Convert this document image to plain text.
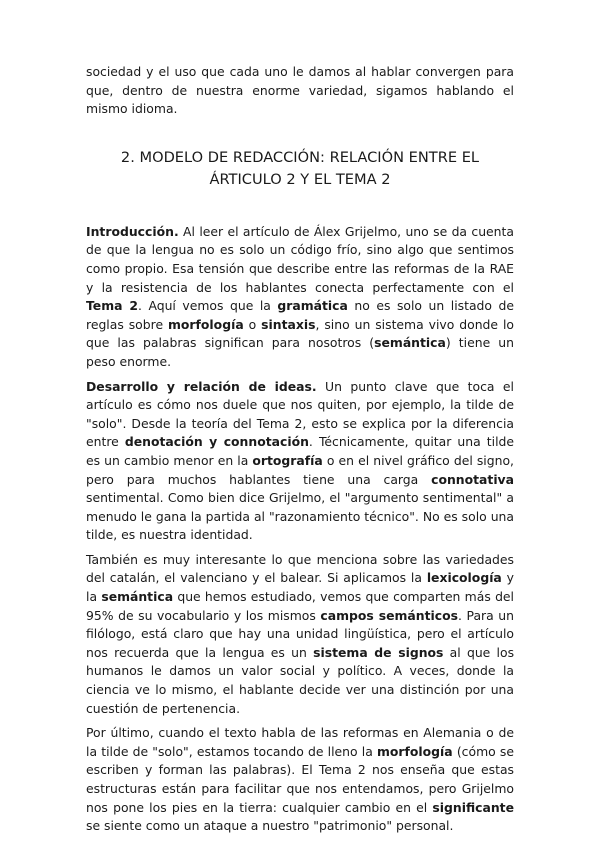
sociedad y el uso que cada uno le damos al hablar convergen para que, dentro de nuestra enorme variedad, sigamos hablando el mismo idioma.

2. MODELO DE REDACCIÓN: RELACIÓN ENTRE EL ÁRTICULO 2 Y EL TEMA 2

Introducción. Al leer el artículo de Álex Grijelmo, uno se da cuenta de que la lengua no es solo un código frío, sino algo que sentimos como propio. Esa tensión que describe entre las reformas de la RAE y la resistencia de los hablantes conecta perfectamente con el Tema 2. Aquí vemos que la gramática no es solo un listado de reglas sobre morfología o sintaxis, sino un sistema vivo donde lo que las palabras significan para nosotros (semántica) tiene un peso enorme.

Desarrollo y relación de ideas. Un punto clave que toca el artículo es cómo nos duele que nos quiten, por ejemplo, la tilde de "solo". Desde la teoría del Tema 2, esto se explica por la diferencia entre denotación y connotación. Técnicamente, quitar una tilde es un cambio menor en la ortografía o en el nivel gráfico del signo, pero para muchos hablantes tiene una carga connotativa sentimental. Como bien dice Grijelmo, el "argumento sentimental" a menudo le gana la partida al "razonamiento técnico". No es solo una tilde, es nuestra identidad.

También es muy interesante lo que menciona sobre las variedades del catalán, el valenciano y el balear. Si aplicamos la lexicología y la semántica que hemos estudiado, vemos que comparten más del 95% de su vocabulario y los mismos campos semánticos. Para un filólogo, está claro que hay una unidad lingüística, pero el artículo nos recuerda que la lengua es un sistema de signos al que los humanos le damos un valor social y político. A veces, donde la ciencia ve lo mismo, el hablante decide ver una distinción por una cuestión de pertenencia.

Por último, cuando el texto habla de las reformas en Alemania o de la tilde de "solo", estamos tocando de lleno la morfología (cómo se escriben y forman las palabras). El Tema 2 nos enseña que estas estructuras están para facilitar que nos entendamos, pero Grijelmo nos pone los pies en la tierra: cualquier cambio en el significante se siente como un ataque a nuestro "patrimonio" personal.
